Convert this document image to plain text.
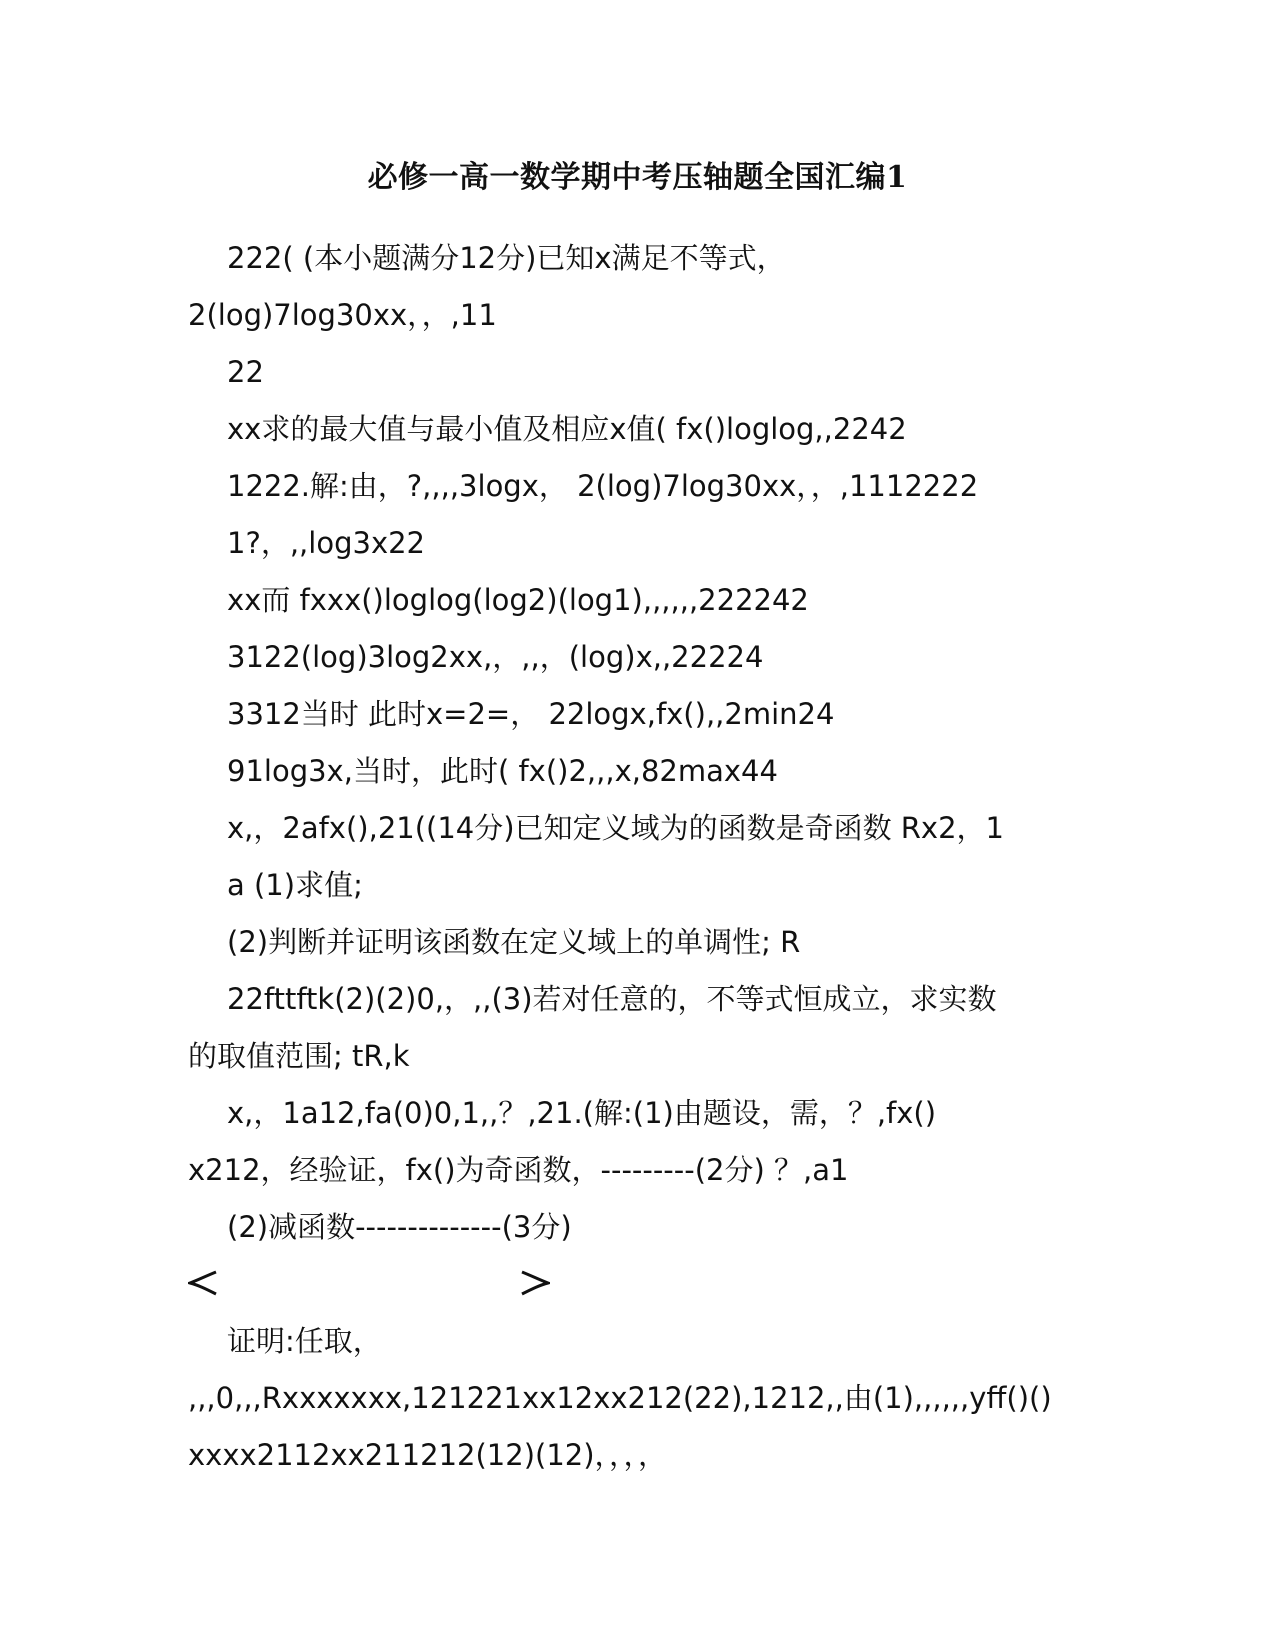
必修一高一数学期中考压轴题全国汇编1
222( (本小题满分12分)已知x满足不等式，
2(log)7log30xx，，,11
22
xx求的最大值与最小值及相应x值( fx()loglog,,2242
1222.解:由，?,,,,3logx， 2(log)7log30xx，，,1112222
1?，,,log3x22
xx而 fxxx()loglog(log2)(log1),,,,,,222242
3122(log)3log2xx,，,,，(log)x,,22224
3312当时 此时x=2=， 22logx,fx(),,2min24
91log3x,当时，此时( fx()2,,,x,82max44
x,，2afx(),21((14分)已知定义域为的函数是奇函数 Rx2，1
a (1)求值;
(2)判断并证明该函数在定义域上的单调性; R
22fttftk(2)(2)0,，,,(3)若对任意的，不等式恒成立，求实数
的取值范围; tR,k
x,，1a12,fa(0)0,1,,？,21.(解:(1)由题设，需，？,fx()
x212，经验证，fx()为奇函数，---------(2分) ？,a1
(2)减函数--------------(3分)
证明:任取，
,,,0,,,Rxxxxxxx,121221xx12xx212(22),1212,,由(1),,,,,,yff()()
xxxx2112xx211212(12)(12)，，，，
